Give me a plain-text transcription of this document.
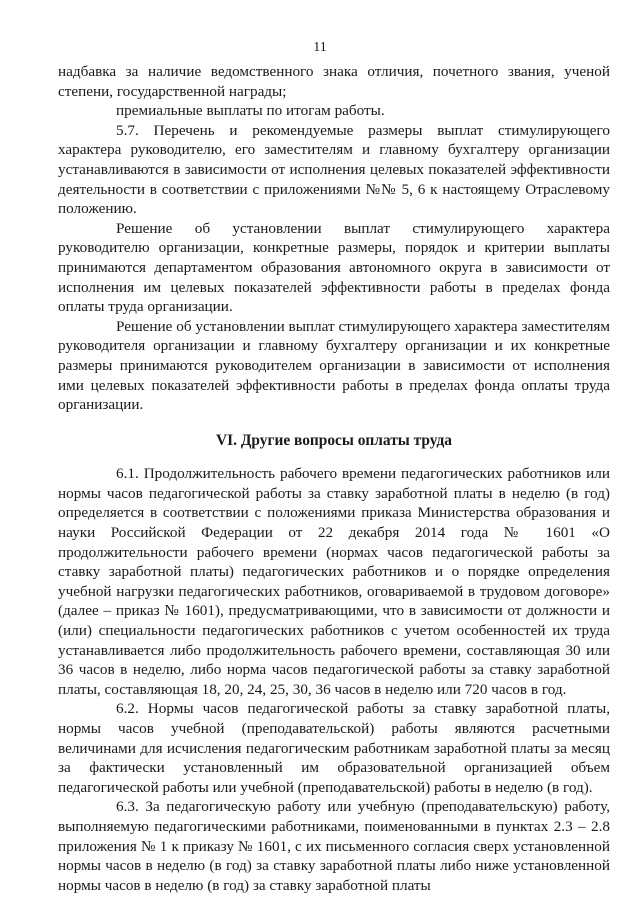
11

надбавка за наличие ведомственного знака отличия, почетного звания, ученой степени, государственной награды;

премиальные выплаты по итогам работы.

5.7. Перечень и рекомендуемые размеры выплат стимулирующего характера руководителю, его заместителям и главному бухгалтеру организации устанавливаются в зависимости от исполнения целевых показателей эффективности деятельности в соответствии с приложениями №№ 5, 6 к настоящему Отраслевому положению.

Решение об установлении выплат стимулирующего характера руководителю организации, конкретные размеры, порядок и критерии выплаты принимаются департаментом образования автономного округа в зависимости от исполнения им целевых показателей эффективности работы в пределах фонда оплаты труда организации.

Решение об установлении выплат стимулирующего характера заместителям руководителя организации и главному бухгалтеру организации и их конкретные размеры принимаются руководителем организации в зависимости от исполнения ими целевых показателей эффективности работы в пределах фонда оплаты труда организации.

VI. Другие вопросы оплаты труда

6.1. Продолжительность рабочего времени педагогических работников или нормы часов педагогической работы за ставку заработной платы в неделю (в год) определяется в соответствии с положениями приказа Министерства образования и науки Российской Федерации от 22 декабря 2014 года № 1601 «О продолжительности рабочего времени (нормах часов педагогической работы за ставку заработной платы) педагогических работников и о порядке определения учебной нагрузки педагогических работников, оговариваемой в трудовом договоре» (далее – приказ № 1601), предусматривающими, что в зависимости от должности и (или) специальности педагогических работников с учетом особенностей их труда устанавливается либо продолжительность рабочего времени, составляющая 30 или 36 часов в неделю, либо норма часов педагогической работы за ставку заработной платы, составляющая 18, 20, 24, 25, 30, 36 часов в неделю или 720 часов в год.

6.2. Нормы часов педагогической работы за ставку заработной платы, нормы часов учебной (преподавательской) работы являются расчетными величинами для исчисления педагогическим работникам заработной платы за месяц за фактически установленный им образовательной организацией объем педагогической работы или учебной (преподавательской) работы в неделю (в год).

6.3. За педагогическую работу или учебную (преподавательскую) работу, выполняемую педагогическими работниками, поименованными в пунктах 2.3 – 2.8 приложения № 1 к приказу № 1601, с их письменного согласия сверх установленной нормы часов в неделю (в год) за ставку заработной платы либо ниже установленной нормы часов в неделю (в год) за ставку заработной платы
